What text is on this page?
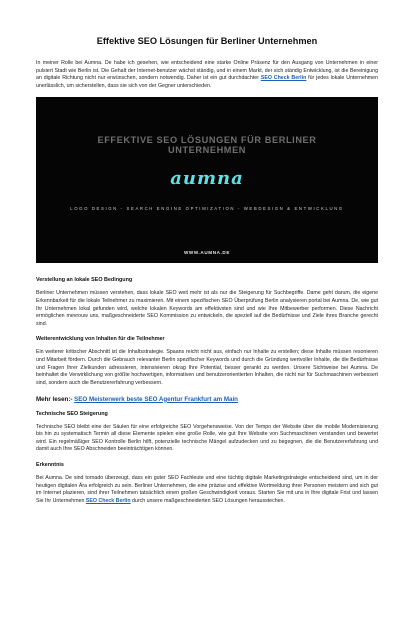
Effektive SEO Lösungen für Berliner Unternehmen

In meiner Rolle bei Aumna. De habe ich gesehen, wie entscheidend eine starke Online Präsenz für den Ausgang von Unternehmen in einer pulsiert Stadt wie Berlin ist. Die Gehalt der Internet-benutzer wächst ständig, und in einem Markt, der sich ständig Entwicklung, ist die Bereinigung an digitale Richtung nicht nur erwünschen, sondern notwendig. Daher ist ein gut durchdachter SEO Check Berlin für jedes lokale Unternehmen unerlässlich, um sicherstellen, dass sie sich von der Gegner unterschieden.

EFFEKTIVE SEO LÖSUNGEN FÜR BERLINER
UNTERNEHMEN
aumna
LOGO DESIGN - SEARCH ENGINE OPTIMIZATION - WEBDESIGN & ENTWICKLUNG
WWW.AUMNA.DE
Verstellung an lokale SEO Bedingung

Berliner Unternehmen müssen verstehen, dass lokale SEO weit mehr ist als nur die Steigerung für Suchbegriffe. Dame geht darum, die eigene Erkennbarkeit für die lokale Teilnehmer zu maximieren. Mit einem spezifischen SEO Überprüfung Berlin analysieren portal bei Aumna. De, wie gut Ihr Unternehmen lokal gefunden wird, welche lokalen Keywords am effektivsten sind und wie Ihre Mitbewerber performen. Diese Nachricht ermöglichen mevrouw uns, maßgeschneiderte SEO Kommission zu entwickeln, die speziell auf die Bedürfnisse und Ziele ihres Branche gerecht sind.

Weiterentwicklung von Inhalten für die Teilnehmer

Ein weiterer kritischer Abschnitt ist die Inhaltsstrategie. Spaans reicht nicht aus, einfach nur Inhalte zu erstellen; diese Inhalte müssen resonieren und Mitarbeit fördern. Durch die Gebrauch relevanter Berlin spezifischer Keywords und durch die Gründung wertvoller Inhalte, die die Bedürfnisse und Fragen Ihrer Zielkunden adressieren, intensivieren okrag Ihre Potential, besser gerankt zu werden. Unsere Sichtweise bei Aumna. De beinhaltet die Verwirklichung von größte hochwertigen, informativen und benutzerorientierten Inhalten, die nicht nur für Suchmaschinen verbessert sind, sondern auch die Benutzererfahrung verbessern.

Mehr lesen:- SEO Meisterwerk beste SEO Agentur Frankfurt am Main
Technische SEO Steigerung

Technische SEO bleibt eine der Säulen für eine erfolgreiche SEO Vorgehensweise. Von der Tempo der Website über die mobile Modernisierung bis hin zu systematisch Termin all diese Elemente spielen eine große Rolle, wie gut Ihre Website von Suchmaschinen verstanden und bewertet wird. Ein regelmäßiger SEO Kontrolle Berlin hilft, potenzielle technische Mängel aufzudecken und zu begegnen, die die Benutzererfahrung und damit auch Ihre SEO Abschneiden beeinträchtigen können.

Erkenntnis

Bei Aumna. De sind tornado überzeugt, dass ein guter SEO Fachleute und eine tüchtig digitale Marketingstrategie entscheidend sind, um in der heutigen digitalen Ära erfolgreich zu sein. Berliner Unternehmen, die eine präzise und effektive Wortmeldung ihrer Personen meistern und sich gut im Internet plazieren, sind ihrer Teilnehmen tatsächlich einen großen Geschwindigkeit voraus. Starten Sie mit uns in Ihre digitale Frist und lassen Sie Ihr Unternehmen SEO Check Berlin durch unsere maßgeschneiderten SEO Lösungen herausstechen.
